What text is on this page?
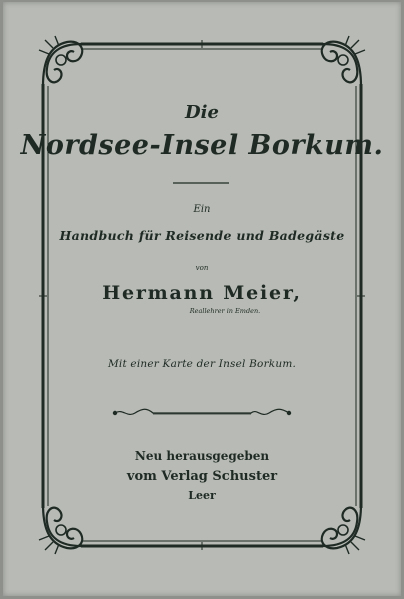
Die
Nordsee-Insel Borkum.
Ein
Handbuch für Reisende und Badegäste
von
Hermann Meier,
Reallehrer in Emden.
Mit einer Karte der Insel Borkum.
Neu herausgegeben
vom Verlag Schuster
Leer
